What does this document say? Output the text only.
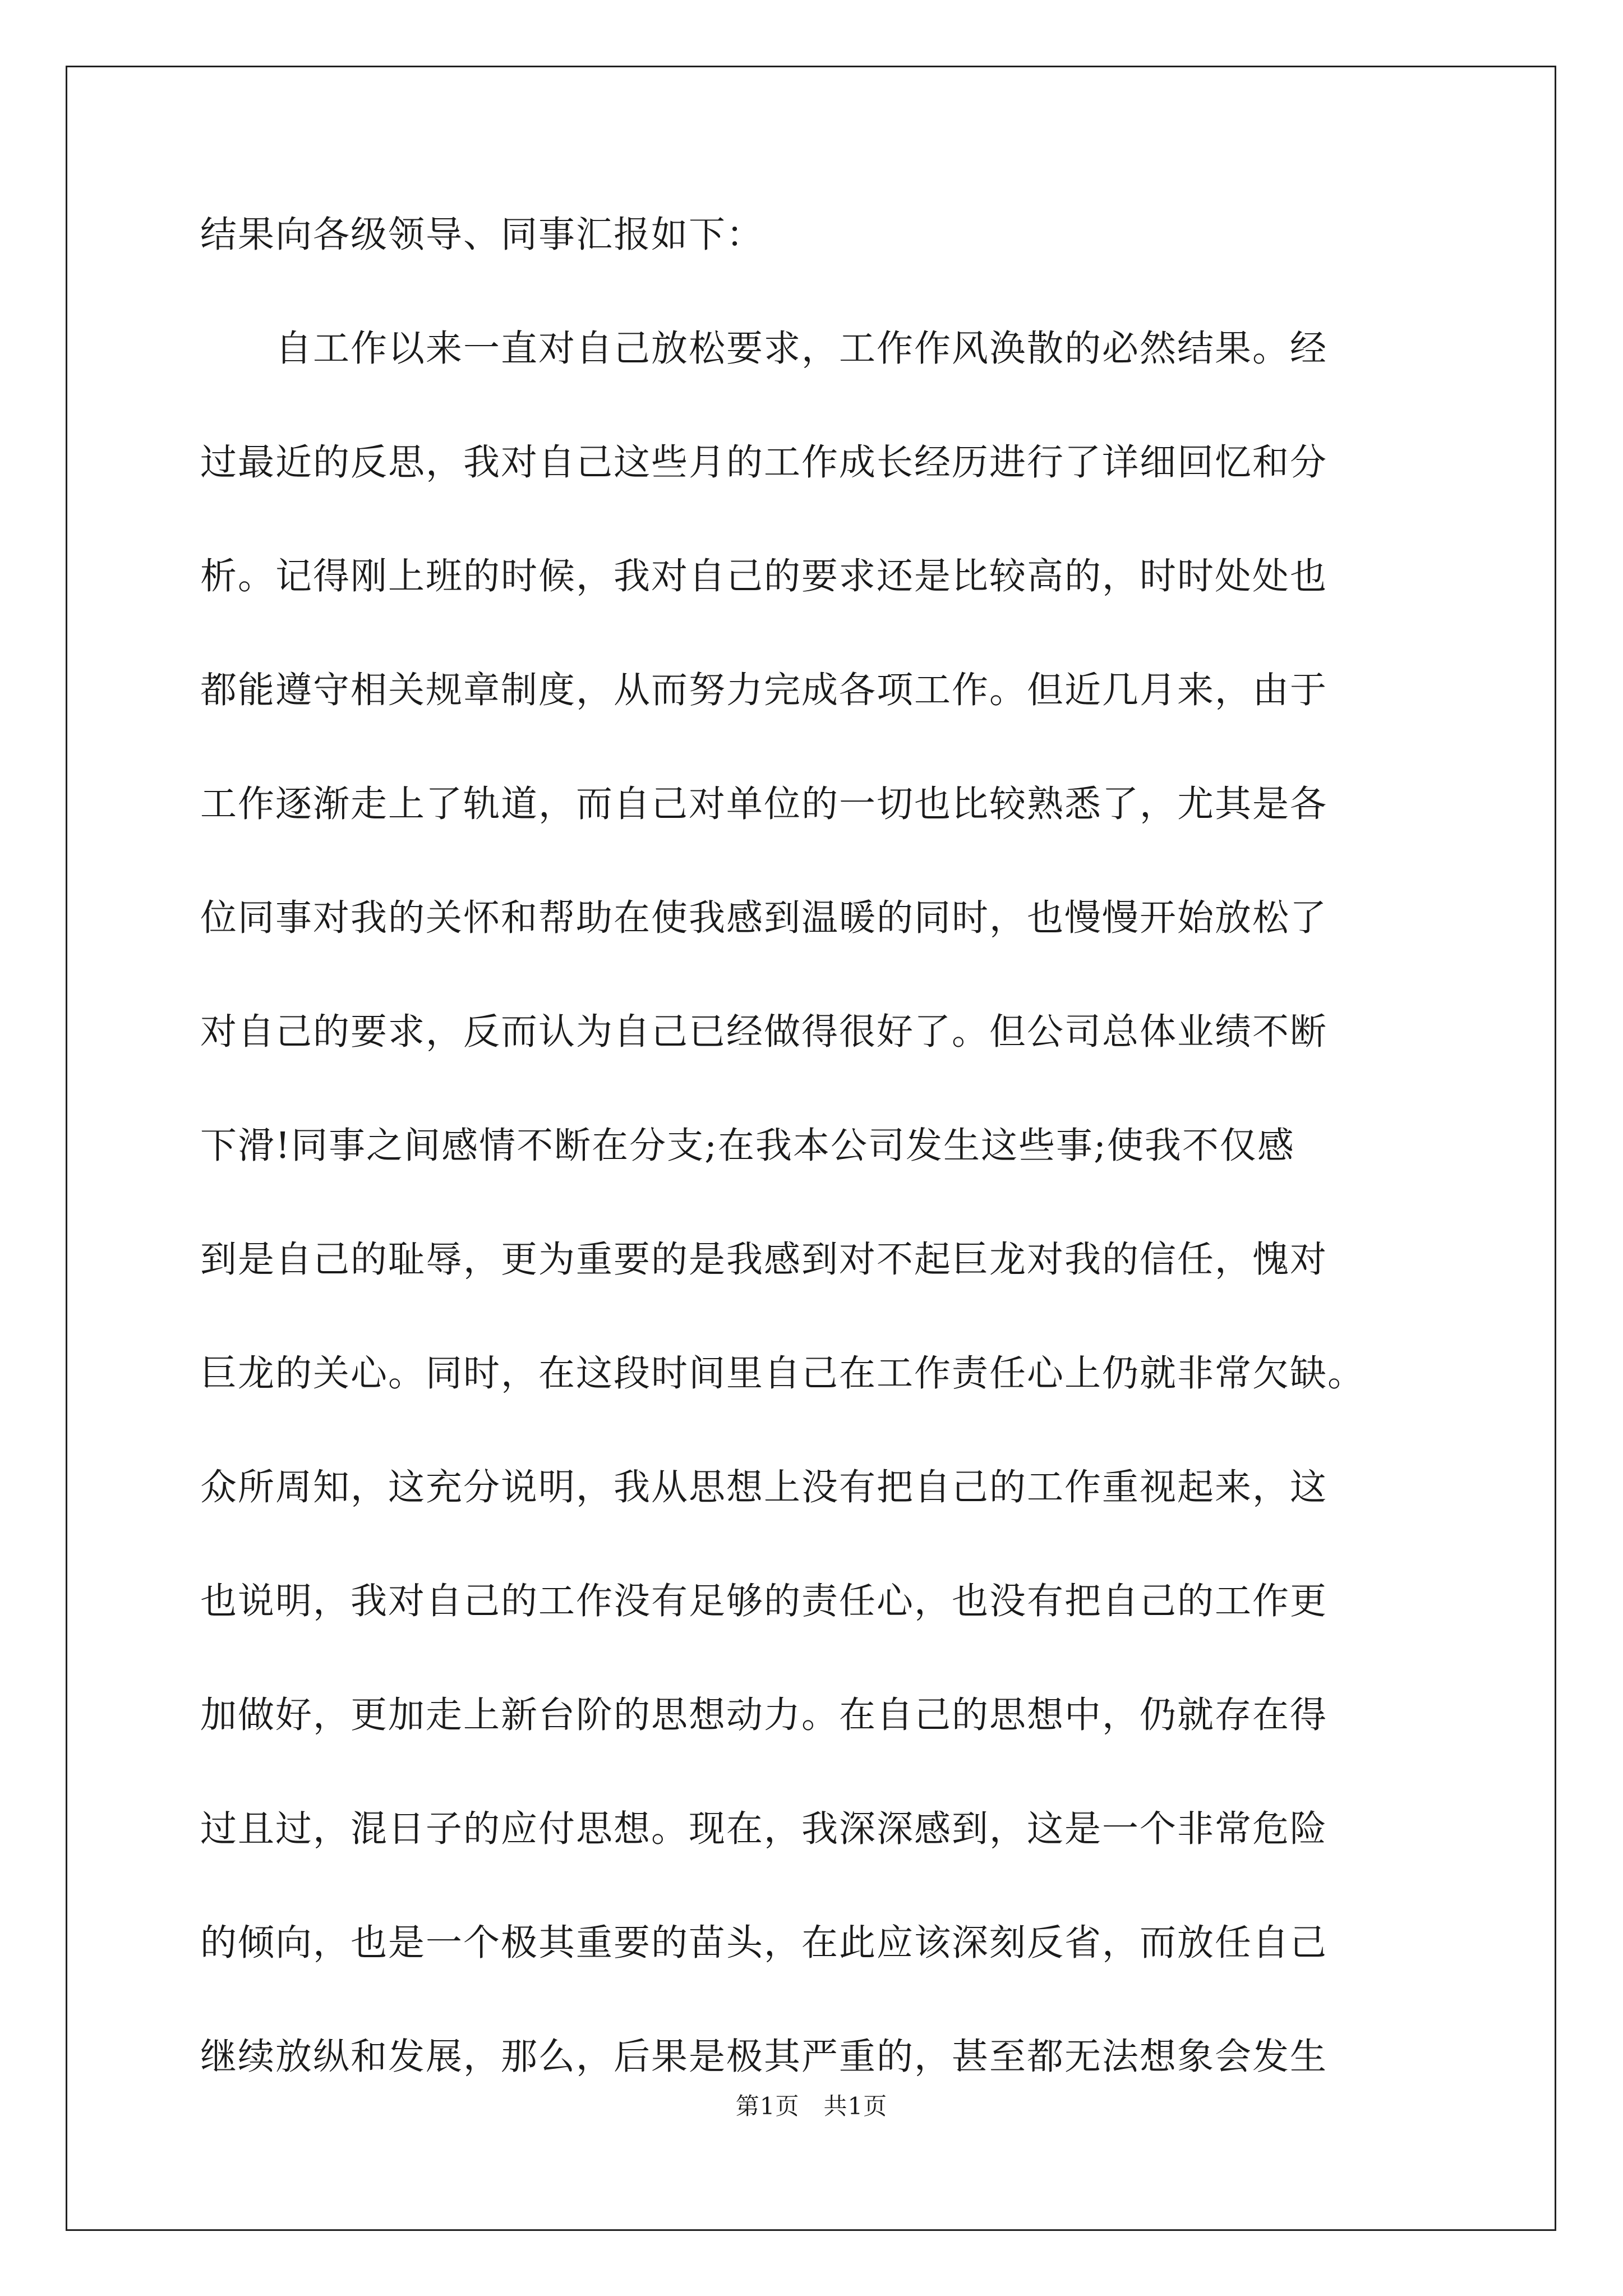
结果向各级领导、同事汇报如下：
　　自工作以来一直对自己放松要求，工作作风涣散的必然结果。经
过最近的反思，我对自己这些月的工作成长经历进行了详细回忆和分
析。记得刚上班的时候，我对自己的要求还是比较高的，时时处处也
都能遵守相关规章制度，从而努力完成各项工作。但近几月来，由于
工作逐渐走上了轨道，而自己对单位的一切也比较熟悉了，尤其是各
位同事对我的关怀和帮助在使我感到温暖的同时，也慢慢开始放松了
对自己的要求，反而认为自己已经做得很好了。但公司总体业绩不断
下滑!同事之间感情不断在分支;在我本公司发生这些事;使我不仅感
到是自己的耻辱，更为重要的是我感到对不起巨龙对我的信任，愧对
巨龙的关心。同时，在这段时间里自己在工作责任心上仍就非常欠缺。
众所周知，这充分说明，我从思想上没有把自己的工作重视起来，这
也说明，我对自己的工作没有足够的责任心，也没有把自己的工作更
加做好，更加走上新台阶的思想动力。在自己的思想中，仍就存在得
过且过，混日子的应付思想。现在，我深深感到，这是一个非常危险
的倾向，也是一个极其重要的苗头，在此应该深刻反省，而放任自己
继续放纵和发展，那么，后果是极其严重的，甚至都无法想象会发生
第1页　共1页
